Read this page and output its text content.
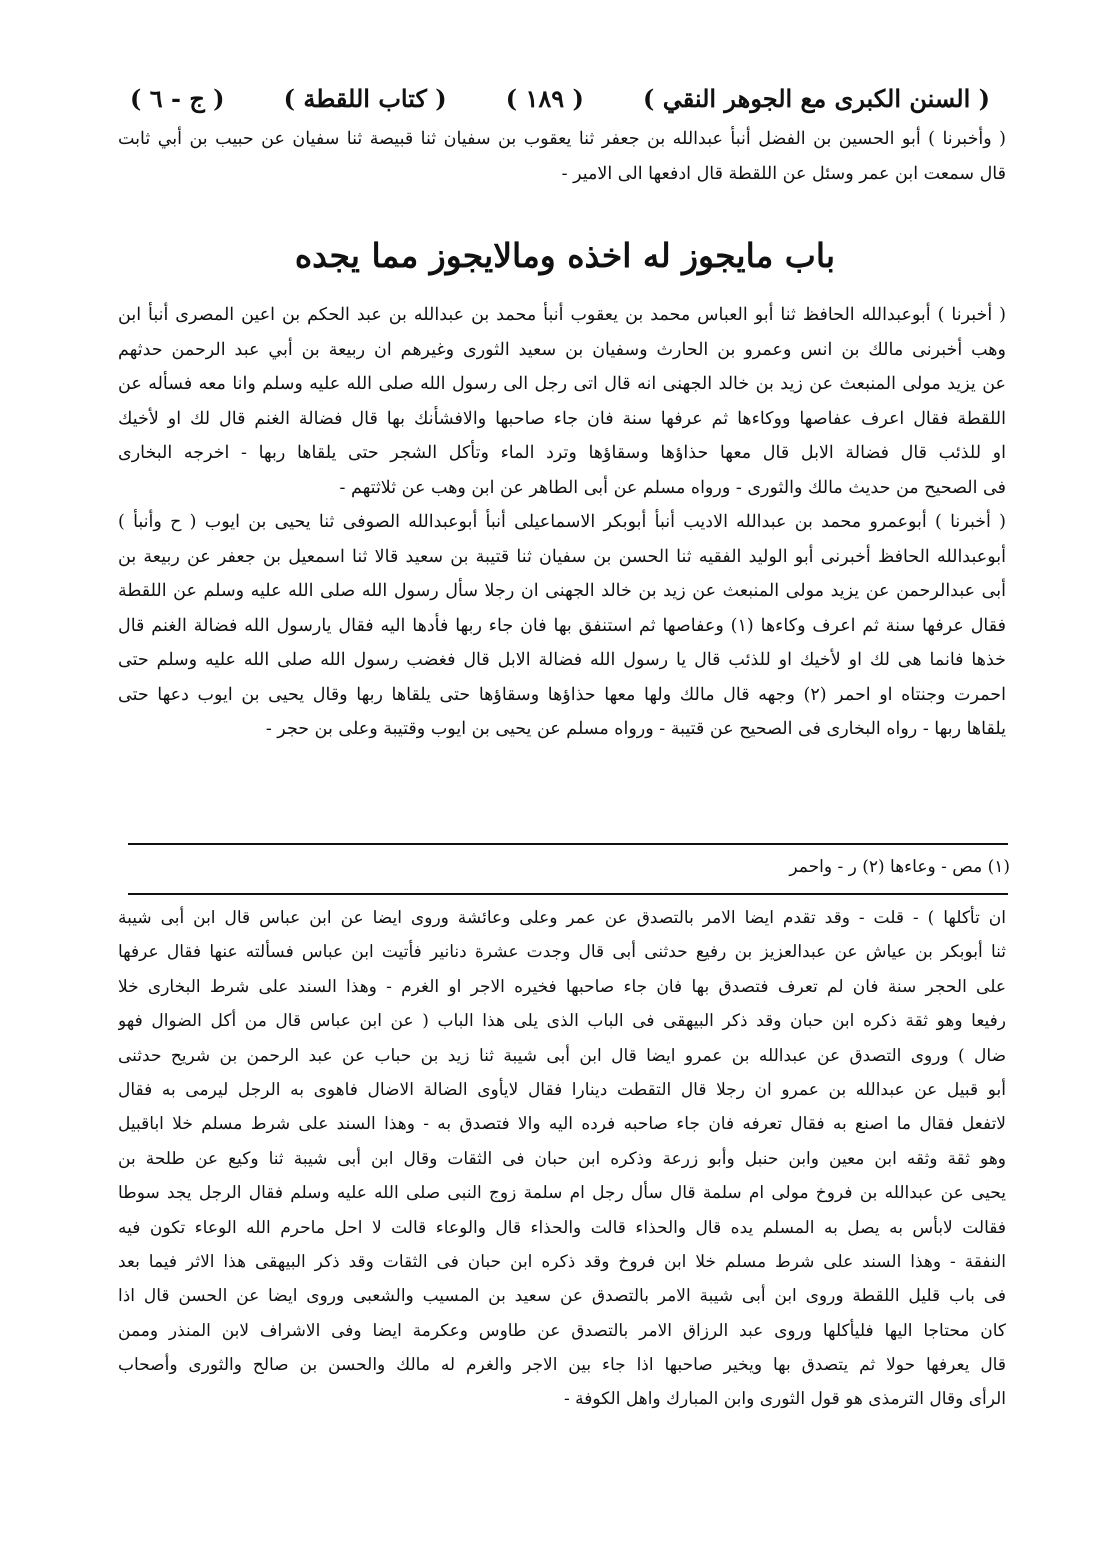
( السنن الكبرى مع الجوهر النقي )
( ١٨٩ )
( كتاب اللقطة )
( ج - ٦ )
( وأخبرنا ) أبو الحسين بن الفضل أنبأ عبدالله بن جعفر ثنا يعقوب بن سفيان ثنا قبيصة ثنا سفيان عن حبيب بن أبي ثابت
قال سمعت ابن عمر وسئل عن اللقطة قال ادفعها الى الامير -
باب مايجوز له اخذه ومالايجوز مما يجده
( أخبرنا ) أبوعبدالله الحافظ ثنا أبو العباس محمد بن يعقوب أنبأ محمد بن عبدالله بن عبد الحكم بن اعين المصرى أنبأ ابن
وهب أخبرنى مالك بن انس وعمرو بن الحارث وسفيان بن سعيد الثورى وغيرهم ان ربيعة بن أبي عبد الرحمن حدثهم
عن يزيد مولى المنبعث عن زيد بن خالد الجهنى انه قال اتى رجل الى رسول الله صلى الله عليه وسلم وانا معه فسأله عن
اللقطة فقال اعرف عفاصها ووكاءها ثم عرفها سنة فان جاء صاحبها والافشأنك بها قال فضالة الغنم قال لك او لأخيك
او للذئب قال فضالة الابل قال معها حذاؤها وسقاؤها وترد الماء وتأكل الشجر حتى يلقاها ربها - اخرجه البخارى
فى الصحيح من حديث مالك والثورى - ورواه مسلم عن أبى الطاهر عن ابن وهب عن ثلاثتهم -
( أخبرنا ) أبوعمرو محمد بن عبدالله الاديب أنبأ أبوبكر الاسماعيلى أنبأ أبوعبدالله الصوفى ثنا يحيى بن ايوب ( ح وأنبأ )
أبوعبدالله الحافظ أخبرنى أبو الوليد الفقيه ثنا الحسن بن سفيان ثنا قتيبة بن سعيد قالا ثنا اسمعيل بن جعفر عن ربيعة بن
أبى عبدالرحمن عن يزيد مولى المنبعث عن زيد بن خالد الجهنى ان رجلا سأل رسول الله صلى الله عليه وسلم عن اللقطة
فقال عرفها سنة ثم اعرف وكاءها (١) وعفاصها ثم استنفق بها فان جاء ربها فأدها اليه فقال يارسول الله فضالة الغنم قال
خذها فانما هى لك او لأخيك او للذئب قال يا رسول الله فضالة الابل قال فغضب رسول الله صلى الله عليه وسلم حتى
احمرت وجنتاه او احمر (٢) وجهه قال مالك ولها معها حذاؤها وسقاؤها حتى يلقاها ربها وقال يحيى بن ايوب دعها حتى
يلقاها ربها - رواه البخارى فى الصحيح عن قتيبة - ورواه مسلم عن يحيى بن ايوب وقتيبة وعلى بن حجر -
(١) مص - وعاءها (٢) ر - واحمر
ان تأكلها ) - قلت - وقد تقدم ايضا الامر بالتصدق عن عمر وعلى وعائشة وروى ايضا عن ابن عباس قال ابن أبى شيبة
ثنا أبوبكر بن عياش عن عبدالعزيز بن رفيع حدثنى أبى قال وجدت عشرة دنانير فأتيت ابن عباس فسألته عنها فقال عرفها
على الحجر سنة فان لم تعرف فتصدق بها فان جاء صاحبها فخيره الاجر او الغرم - وهذا السند على شرط البخارى خلا
رفيعا وهو ثقة ذكره ابن حبان وقد ذكر البيهقى فى الباب الذى يلى هذا الباب ( عن ابن عباس قال من أكل الضوال فهو
ضال ) وروى التصدق عن عبدالله بن عمرو ايضا قال ابن أبى شيبة ثنا زيد بن حباب عن عبد الرحمن بن شريح حدثنى
أبو قبيل عن عبدالله بن عمرو ان رجلا قال التقطت دينارا فقال لايأوى الضالة الاضال فاهوى به الرجل ليرمى به فقال
لاتفعل فقال ما اصنع به فقال تعرفه فان جاء صاحبه فرده اليه والا فتصدق به - وهذا السند على شرط مسلم خلا اباقبيل
وهو ثقة وثقه ابن معين وابن حنبل وأبو زرعة وذكره ابن حبان فى الثقات وقال ابن أبى شيبة ثنا وكيع عن طلحة بن
يحيى عن عبدالله بن فروخ مولى ام سلمة قال سأل رجل ام سلمة زوج النبى صلى الله عليه وسلم فقال الرجل يجد سوطا
فقالت لابأس به يصل به المسلم يده قال والحذاء قالت والحذاء قال والوعاء قالت لا احل ماحرم الله الوعاء تكون فيه
النفقة - وهذا السند على شرط مسلم خلا ابن فروخ وقد ذكره ابن حبان فى الثقات وقد ذكر البيهقى هذا الاثر فيما بعد
فى باب قليل اللقطة وروى ابن أبى شيبة الامر بالتصدق عن سعيد بن المسيب والشعبى وروى ايضا عن الحسن قال اذا
كان محتاجا اليها فليأكلها وروى عبد الرزاق الامر بالتصدق عن طاوس وعكرمة ايضا وفى الاشراف لابن المنذر وممن
قال يعرفها حولا ثم يتصدق بها ويخير صاحبها اذا جاء بين الاجر والغرم له مالك والحسن بن صالح والثورى وأصحاب
الرأى وقال الترمذى هو قول الثورى وابن المبارك واهل الكوفة -
